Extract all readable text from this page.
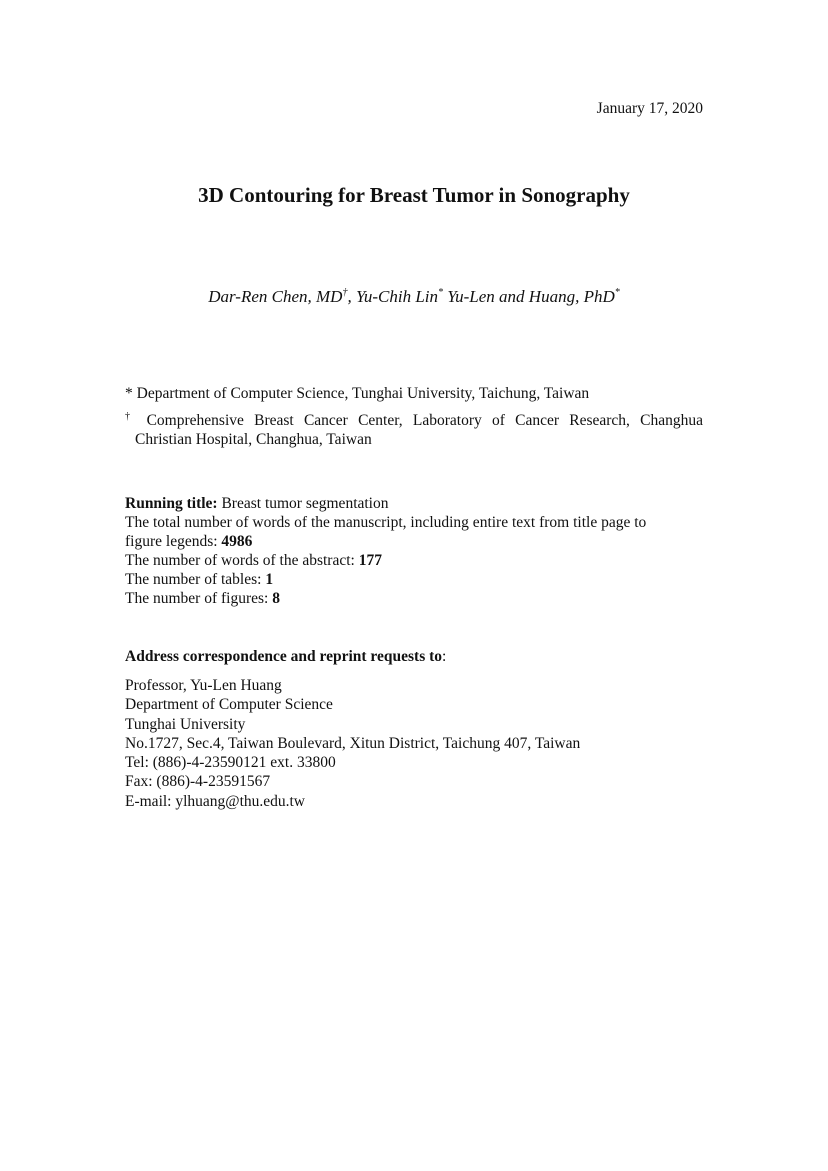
January 17, 2020
3D Contouring for Breast Tumor in Sonography
Dar-Ren Chen, MD†, Yu-Chih Lin* Yu-Len and Huang, PhD*
* Department of Computer Science, Tunghai University, Taichung, Taiwan
† Comprehensive Breast Cancer Center, Laboratory of Cancer Research, Changhua
Christian Hospital, Changhua, Taiwan
Running title: Breast tumor segmentation
The total number of words of the manuscript, including entire text from title page to
figure legends: 4986
The number of words of the abstract: 177
The number of tables: 1
The number of figures: 8
Address correspondence and reprint requests to:
Professor, Yu-Len Huang
Department of Computer Science
Tunghai University
No.1727, Sec.4, Taiwan Boulevard, Xitun District, Taichung 407, Taiwan
Tel: (886)-4-23590121 ext. 33800
Fax: (886)-4-23591567
E-mail: ylhuang@thu.edu.tw
